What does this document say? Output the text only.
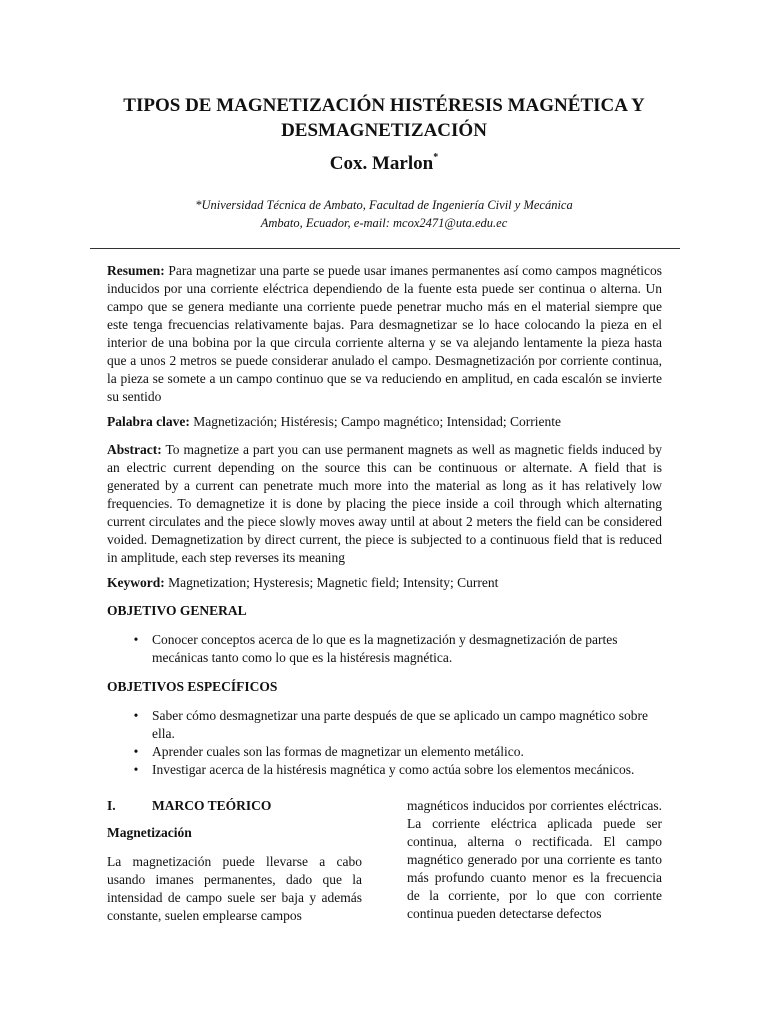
TIPOS DE MAGNETIZACIÓN HISTÉRESIS MAGNÉTICA Y
DESMAGNETIZACIÓN
Cox. Marlon*
*Universidad Técnica de Ambato, Facultad de Ingeniería Civil y Mecánica
Ambato, Ecuador, e-mail: mcox2471@uta.edu.ec

Resumen: Para magnetizar una parte se puede usar imanes permanentes así como campos magnéticos inducidos por una corriente eléctrica dependiendo de la fuente esta puede ser continua o alterna. Un campo que se genera mediante una corriente puede penetrar mucho más en el material siempre que este tenga frecuencias relativamente bajas. Para desmagnetizar se lo hace colocando la pieza en el interior de una bobina por la que circula corriente alterna y se va alejando lentamente la pieza hasta que a unos 2 metros se puede considerar anulado el campo. Desmagnetización por corriente continua, la pieza se somete a un campo continuo que se va reduciendo en amplitud, en cada escalón se invierte su sentido

Palabra clave: Magnetización; Histéresis; Campo magnético; Intensidad; Corriente

Abstract: To magnetize a part you can use permanent magnets as well as magnetic fields induced by an electric current depending on the source this can be continuous or alternate. A field that is generated by a current can penetrate much more into the material as long as it has relatively low frequencies. To demagnetize it is done by placing the piece inside a coil through which alternating current circulates and the piece slowly moves away until at about 2 meters the field can be considered voided. Demagnetization by direct current, the piece is subjected to a continuous field that is reduced in amplitude, each step reverses its meaning

Keyword: Magnetization; Hysteresis; Magnetic field; Intensity; Current

OBJETIVO GENERAL
• Conocer conceptos acerca de lo que es la magnetización y desmagnetización de partes mecánicas tanto como lo que es la histéresis magnética.
OBJETIVOS ESPECÍFICOS
• Saber cómo desmagnetizar una parte después de que se aplicado un campo magnético sobre ella.
• Aprender cuales son las formas de magnetizar un elemento metálico.
• Investigar acerca de la histéresis magnética y como actúa sobre los elementos mecánicos.
I.	MARCO TEÓRICO
Magnetización

La magnetización puede llevarse a cabo usando imanes permanentes, dado que la intensidad de campo suele ser baja y además constante, suelen emplearse campos

magnéticos inducidos por corrientes eléctricas. La corriente eléctrica aplicada puede ser continua, alterna o rectificada. El campo magnético generado por una corriente es tanto más profundo cuanto menor es la frecuencia de la corriente, por lo que con corriente continua pueden detectarse defectos
